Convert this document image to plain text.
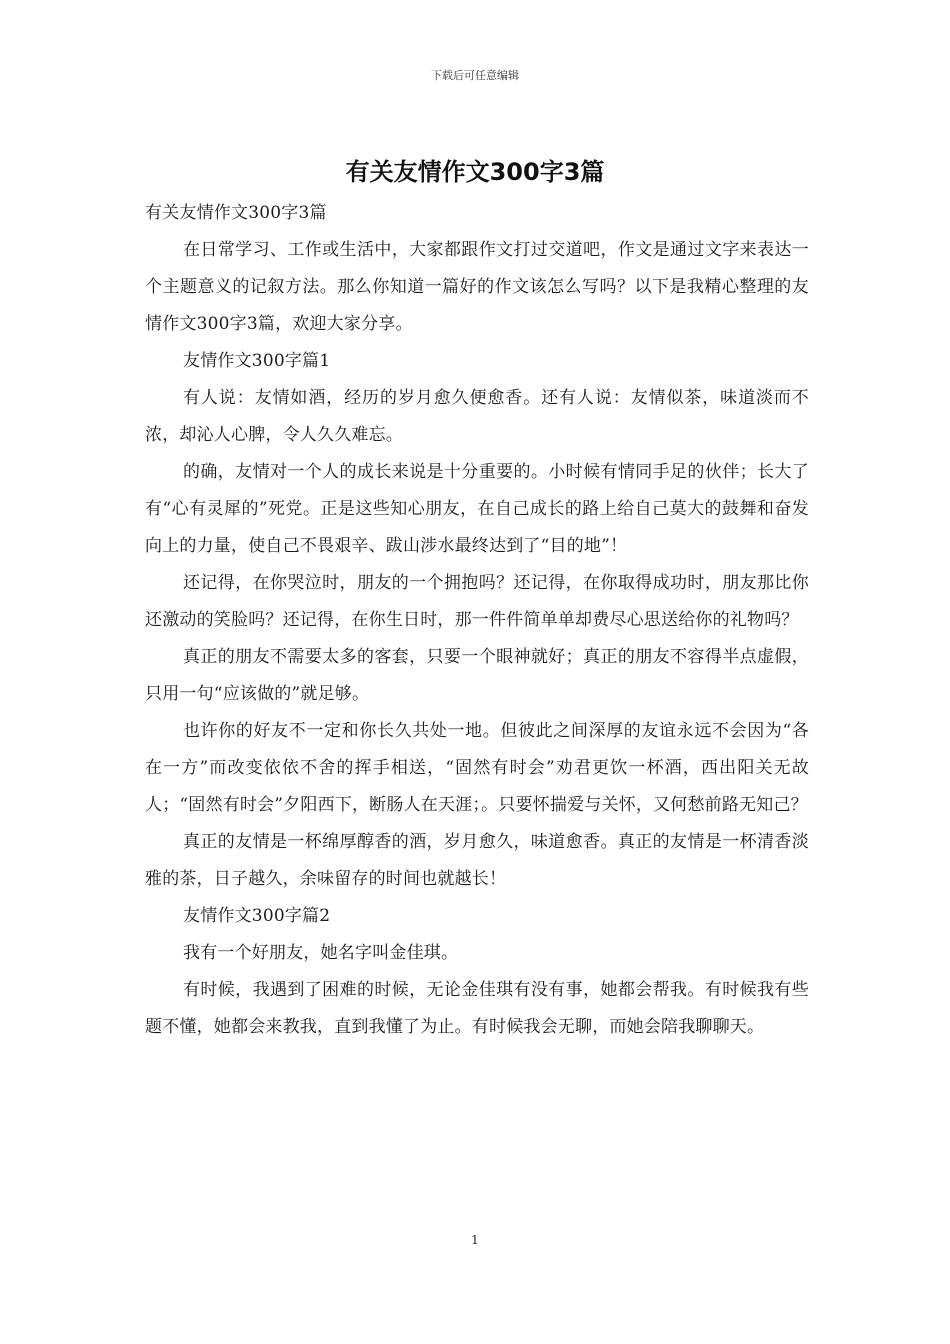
下载后可任意编辑
有关友情作文300字3篇

有关友情作文300字3篇

在日常学习、工作或生活中，大家都跟作文打过交道吧，作文是通过文字来表达一个主题意义的记叙方法。那么你知道一篇好的作文该怎么写吗？以下是我精心整理的友情作文300字3篇，欢迎大家分享。

友情作文300字篇1

有人说：友情如酒，经历的岁月愈久便愈香。还有人说：友情似茶，味道淡而不浓，却沁人心脾，令人久久难忘。

的确，友情对一个人的成长来说是十分重要的。小时候有情同手足的伙伴；长大了有“心有灵犀的”死党。正是这些知心朋友，在自己成长的路上给自己莫大的鼓舞和奋发向上的力量，使自己不畏艰辛、跋山涉水最终达到了“目的地”！

还记得，在你哭泣时，朋友的一个拥抱吗？还记得，在你取得成功时，朋友那比你还激动的笑脸吗？还记得，在你生日时，那一件件简单单却费尽心思送给你的礼物吗？

真正的朋友不需要太多的客套，只要一个眼神就好；真正的朋友不容得半点虚假，只用一句“应该做的”就足够。

也许你的好友不一定和你长久共处一地。但彼此之间深厚的友谊永远不会因为“各在一方”而改变依依不舍的挥手相送，“固然有时会”劝君更饮一杯酒，西出阳关无故人；“固然有时会”夕阳西下，断肠人在天涯；。只要怀揣爱与关怀，又何愁前路无知己？

真正的友情是一杯绵厚醇香的酒，岁月愈久，味道愈香。真正的友情是一杯清香淡雅的茶，日子越久，余味留存的时间也就越长！

友情作文300字篇2

我有一个好朋友，她名字叫金佳琪。

有时候，我遇到了困难的时候，无论金佳琪有没有事，她都会帮我。有时候我有些题不懂，她都会来教我，直到我懂了为止。有时候我会无聊，而她会陪我聊聊天。

1
